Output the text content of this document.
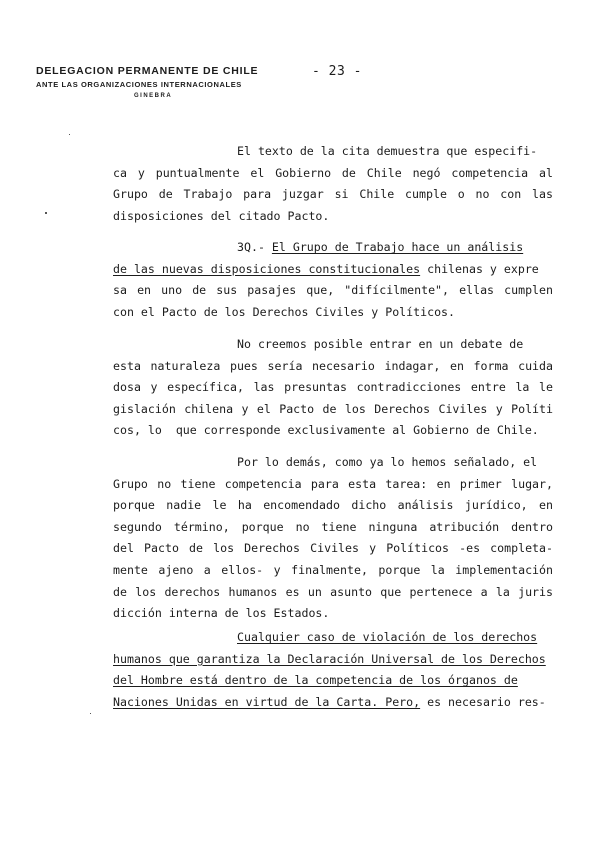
DELEGACION PERMANENTE DE CHILE
ANTE LAS ORGANIZACIONES INTERNACIONALES
GINEBRA
- 23 -
El texto de la cita demuestra que especifi-
ca y puntualmente el Gobierno de Chile negó competencia al
Grupo de Trabajo para juzgar si Chile cumple o no con las
disposiciones del citado Pacto.
3Q.- El Grupo de Trabajo hace un análisis
de las nuevas disposiciones constitucionales chilenas y expre
sa en uno de sus pasajes que, "difícilmente", ellas cumplen
con el Pacto de los Derechos Civiles y Políticos.
No creemos posible entrar en un debate de
esta naturaleza pues sería necesario indagar, en forma cuida
dosa y específica, las presuntas contradicciones entre la le
gislación chilena y el Pacto de los Derechos Civiles y Políti
cos, lo  que corresponde exclusivamente al Gobierno de Chile.
Por lo demás, como ya lo hemos señalado, el
Grupo no tiene competencia para esta tarea: en primer lugar,
porque nadie le ha encomendado dicho análisis jurídico, en
segundo término, porque no tiene ninguna atribución dentro
del Pacto de los Derechos Civiles y Políticos -es completa-
mente ajeno a ellos- y finalmente, porque la implementación
de los derechos humanos es un asunto que pertenece a la juris
dicción interna de los Estados.
Cualquier caso de violación de los derechos
humanos que garantiza la Declaración Universal de los Derechos
del Hombre está dentro de la competencia de los órganos de
Naciones Unidas en virtud de la Carta. Pero, es necesario res-
